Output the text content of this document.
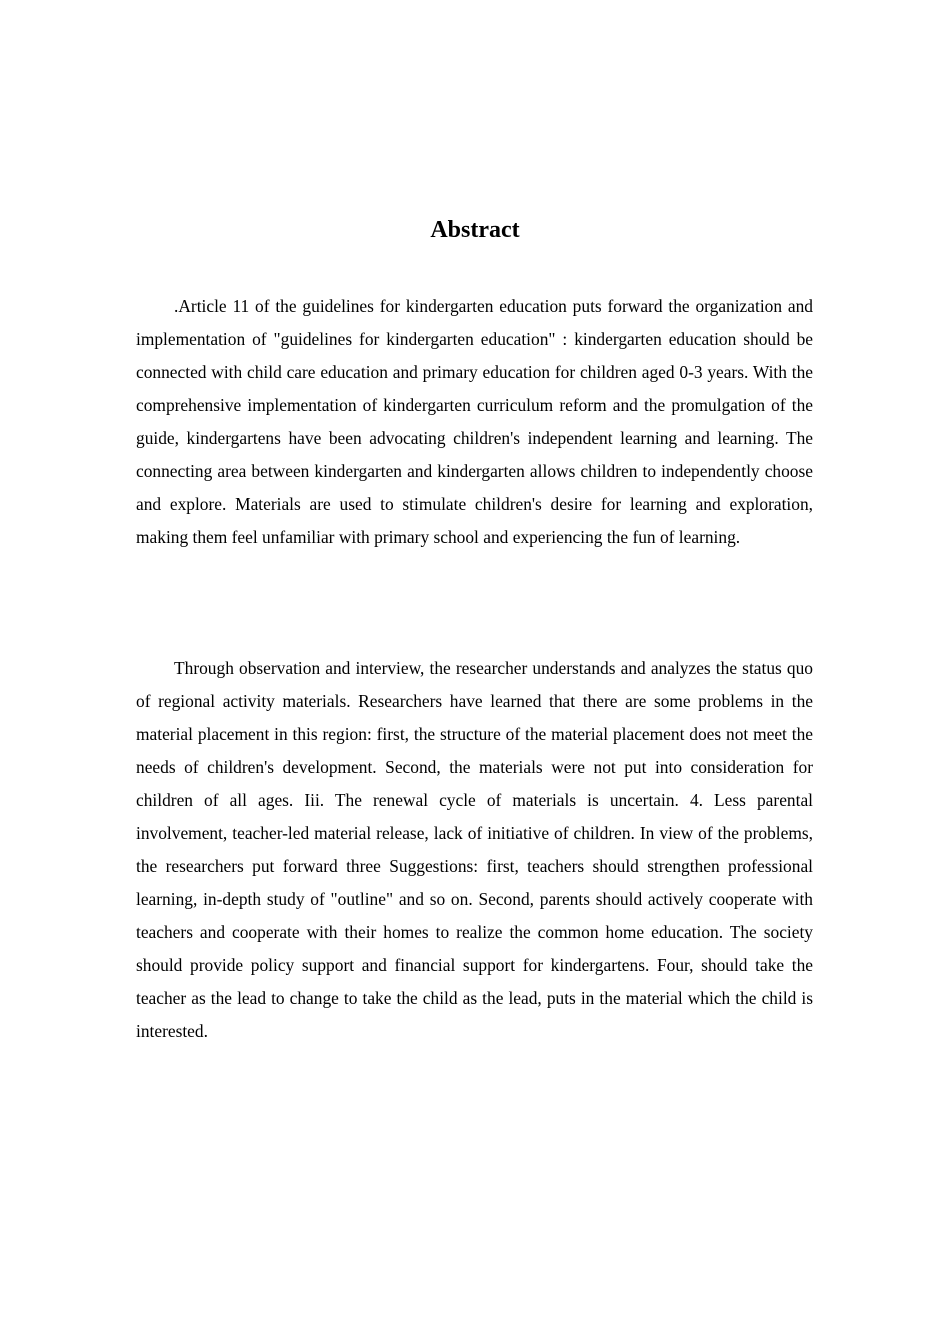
Abstract

.Article 11 of the guidelines for kindergarten education puts forward the organization and implementation of "guidelines for kindergarten education" : kindergarten education should be connected with child care education and primary education for children aged 0-3 years. With the comprehensive implementation of kindergarten curriculum reform and the promulgation of the guide, kindergartens have been advocating children's independent learning and learning. The connecting area between kindergarten and kindergarten allows children to independently choose and explore. Materials are used to stimulate children's desire for learning and exploration, making them feel unfamiliar with primary school and experiencing the fun of learning.

Through observation and interview, the researcher understands and analyzes the status quo of regional activity materials. Researchers have learned that there are some problems in the material placement in this region: first, the structure of the material placement does not meet the needs of children's development. Second, the materials were not put into consideration for children of all ages. Iii. The renewal cycle of materials is uncertain. 4. Less parental involvement, teacher-led material release, lack of initiative of children. In view of the problems, the researchers put forward three Suggestions: first, teachers should strengthen professional learning, in-depth study of "outline" and so on. Second, parents should actively cooperate with teachers and cooperate with their homes to realize the common home education. The society should provide policy support and financial support for kindergartens. Four, should take the teacher as the lead to change to take the child as the lead, puts in the material which the child is interested.
